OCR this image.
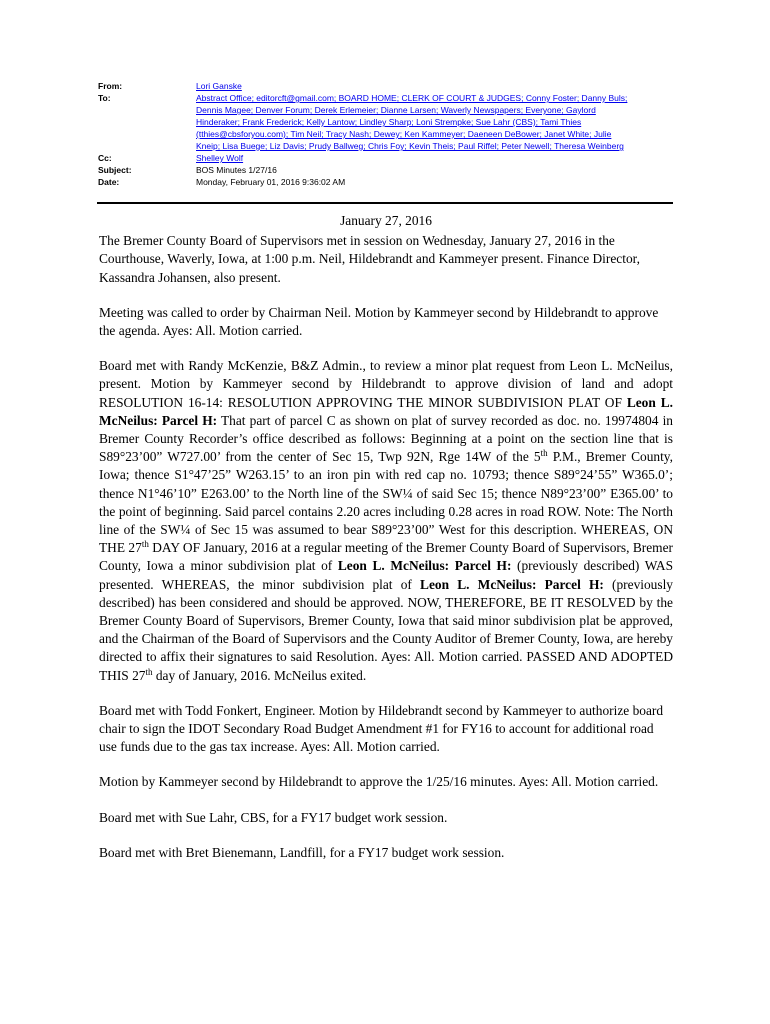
From:	Lori Ganske
To:	Abstract Office; editorcft@gmail.com; BOARD HOME; CLERK OF COURT & JUDGES; Conny Foster; Danny Buls;
Dennis Magee; Denver Forum; Derek Erlemeier; Dianne Larsen; Waverly Newspapers; Everyone; Gaylord
Hinderaker; Frank Frederick; Kelly Lantow; Lindley Sharp; Loni Strempke; Sue Lahr (CBS); Tami Thies
(tthies@cbsforyou.com); Tim Neil; Tracy Nash; Dewey; Ken Kammeyer; Daeneen DeBower; Janet White; Julie
Kneip; Lisa Buege; Liz Davis; Prudy Ballweg; Chris Foy; Kevin Theis; Paul Riffel; Peter Newell; Theresa Weinberg
Cc:	Shelley Wolf
Subject:	BOS Minutes 1/27/16
Date:	Monday, February 01, 2016 9:36:02 AM
January 27, 2016

The Bremer County Board of Supervisors met in session on Wednesday, January 27, 2016 in the Courthouse, Waverly, Iowa, at 1:00 p.m. Neil, Hildebrandt and Kammeyer present. Finance Director, Kassandra Johansen, also present.

Meeting was called to order by Chairman Neil. Motion by Kammeyer second by Hildebrandt to approve the agenda. Ayes: All. Motion carried.

Board met with Randy McKenzie, B&Z Admin., to review a minor plat request from Leon L. McNeilus, present. Motion by Kammeyer second by Hildebrandt to approve division of land and adopt RESOLUTION 16-14: RESOLUTION APPROVING THE MINOR SUBDIVISION PLAT OF Leon L. McNeilus: Parcel H: That part of parcel C as shown on plat of survey recorded as doc. no. 19974804 in Bremer County Recorder’s office described as follows: Beginning at a point on the section line that is S89°23’00” W727.00’ from the center of Sec 15, Twp 92N, Rge 14W of the 5th P.M., Bremer County, Iowa; thence S1°47’25” W263.15’ to an iron pin with red cap no. 10793; thence S89°24’55” W365.0’; thence N1°46’10” E263.00’ to the North line of the SW¼ of said Sec 15; thence N89°23’00” E365.00’ to the point of beginning. Said parcel contains 2.20 acres including 0.28 acres in road ROW. Note: The North line of the SW¼ of Sec 15 was assumed to bear S89°23’00” West for this description. WHEREAS, ON THE 27th DAY OF January, 2016 at a regular meeting of the Bremer County Board of Supervisors, Bremer County, Iowa a minor subdivision plat of Leon L. McNeilus: Parcel H: (previously described) WAS presented. WHEREAS, the minor subdivision plat of Leon L. McNeilus: Parcel H: (previously described) has been considered and should be approved. NOW, THEREFORE, BE IT RESOLVED by the Bremer County Board of Supervisors, Bremer County, Iowa that said minor subdivision plat be approved, and the Chairman of the Board of Supervisors and the County Auditor of Bremer County, Iowa, are hereby directed to affix their signatures to said Resolution. Ayes: All. Motion carried. PASSED AND ADOPTED THIS 27th day of January, 2016. McNeilus exited.

Board met with Todd Fonkert, Engineer. Motion by Hildebrandt second by Kammeyer to authorize board chair to sign the IDOT Secondary Road Budget Amendment #1 for FY16 to account for additional road use funds due to the gas tax increase. Ayes: All. Motion carried.

Motion by Kammeyer second by Hildebrandt to approve the 1/25/16 minutes. Ayes: All. Motion carried.

Board met with Sue Lahr, CBS, for a FY17 budget work session.

Board met with Bret Bienemann, Landfill, for a FY17 budget work session.
